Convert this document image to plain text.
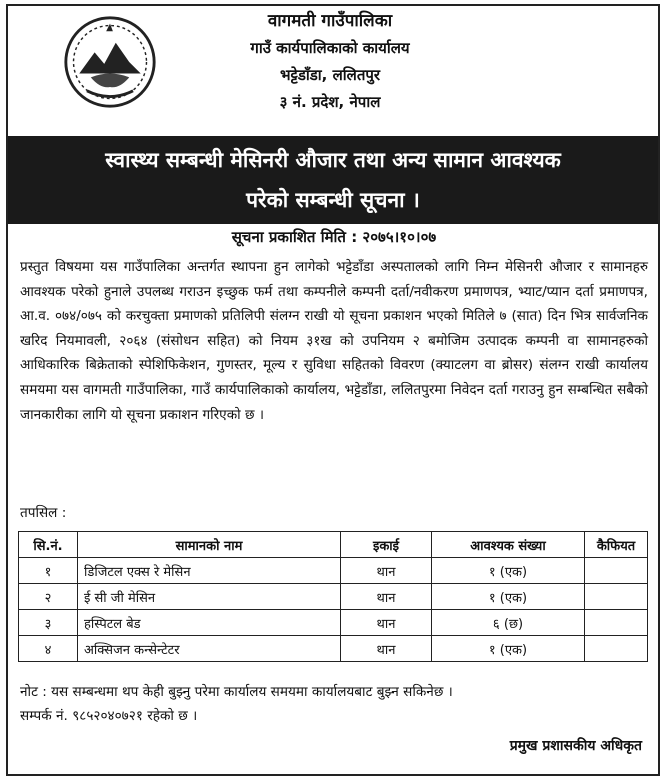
वागमती गाउँपालिका
गाउँ कार्यपालिकाको कार्यालय
भट्टेडाँडा, ललितपुर
३ नं. प्रदेश, नेपाल
स्वास्थ्य सम्बन्धी मेसिनरी औजार तथा अन्य सामान आवश्यक
परेको सम्बन्धी सूचना ।
सूचना प्रकाशित मिति : २०७५।१०।०७
प्रस्तुत विषयमा यस गाउँपालिका अन्तर्गत स्थापना हुन लागेको भट्टेडाँडा अस्पतालको लागि निम्न मेसिनरी औजार र सामानहरु आवश्यक परेको हुनाले उपलब्ध गराउन इच्छुक फर्म तथा कम्पनीले कम्पनी दर्ता/नवीकरण प्रमाणपत्र, भ्याट/प्यान दर्ता प्रमाणपत्र, आ.व. ०७४/०७५ को करचुक्ता प्रमाणको प्रतिलिपी संलग्न राखी यो सूचना प्रकाशन भएको मितिले ७ (सात) दिन भित्र सार्वजनिक खरिद नियमावली, २०६४ (संसोधन सहित) को नियम ३१ख को उपनियम २ बमोजिम उत्पादक कम्पनी वा सामानहरुको आधिकारिक बिक्रेताको स्पेशिफिकेशन, गुणस्तर, मूल्य र सुविधा सहितको विवरण (क्याटलग वा ब्रोसर) संलग्न राखी कार्यालय समयमा यस वागमती गाउँपालिका, गाउँ कार्यपालिकाको कार्यालय, भट्टेडाँडा, ललितपुरमा निवेदन दर्ता गराउनु हुन सम्बन्धित सबैको जानकारीका लागि यो सूचना प्रकाशन गरिएको छ ।
तपसिल :
सि.नं.	सामानको नाम	इकाई	आवश्यक संख्या	कैफियत
१	डिजिटल एक्स रे मेसिन	थान	१ (एक)	
२	ई सी जी मेसिन	थान	१ (एक)	
३	हस्पिटल बेड	थान	६ (छ)	
४	अक्सिजन कन्सेन्टेटर	थान	१ (एक)	
नोट : यस सम्बन्धमा थप केही बुझ्नु परेमा कार्यालय समयमा कार्यालयबाट बुझ्न सकिनेछ ।
सम्पर्क नं. ९८५२०४०७२१ रहेको छ ।
प्रमुख प्रशासकीय अधिकृत
